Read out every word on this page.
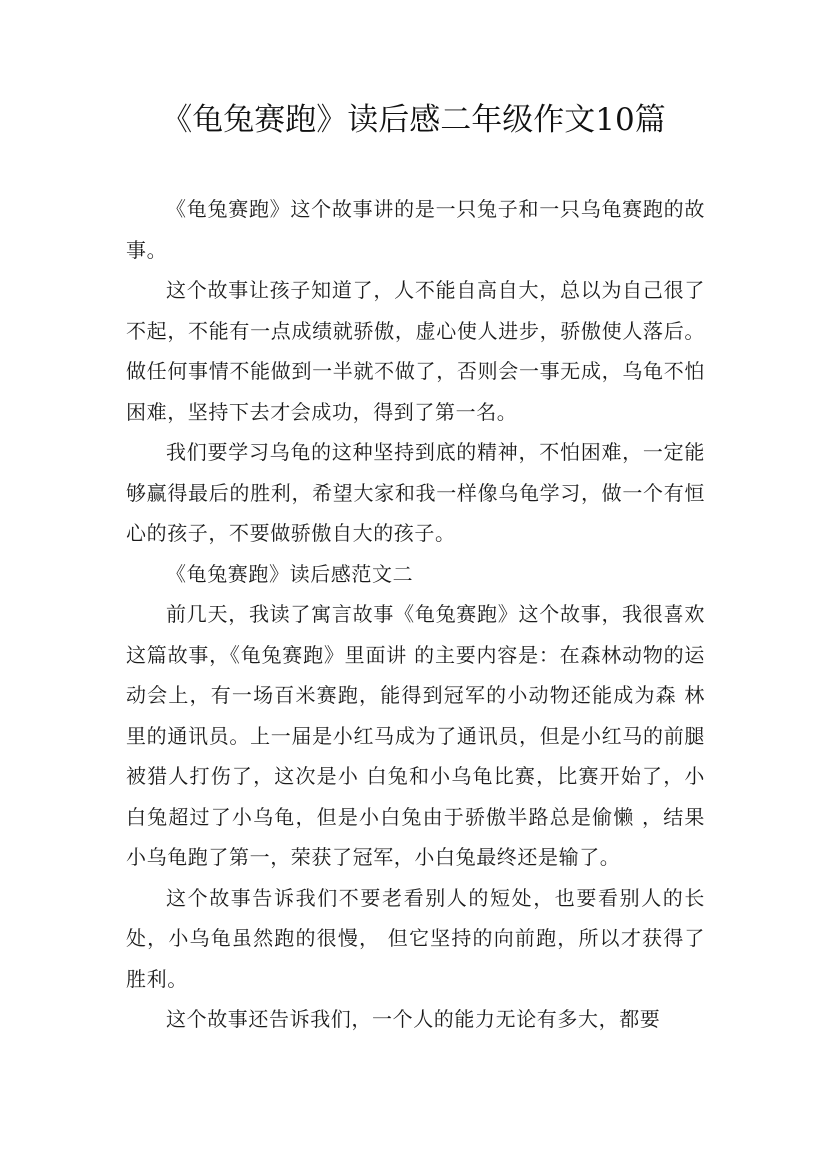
《龟兔赛跑》读后感二年级作文10篇

《龟兔赛跑》这个故事讲的是一只兔子和一只乌龟赛跑的故事。

这个故事让孩子知道了，人不能自高自大，总以为自己很了不起，不能有一点成绩就骄傲，虚心使人进步，骄傲使人落后。做任何事情不能做到一半就不做了，否则会一事无成，乌龟不怕困难，坚持下去才会成功，得到了第一名。

我们要学习乌龟的这种坚持到底的精神，不怕困难，一定能够赢得最后的胜利，希望大家和我一样像乌龟学习，做一个有恒心的孩子，不要做骄傲自大的孩子。

《龟兔赛跑》读后感范文二

前几天，我读了寓言故事《龟兔赛跑》这个故事，我很喜欢这篇故事，《龟兔赛跑》里面讲 的主要内容是：在森林动物的运动会上，有一场百米赛跑，能得到冠军的小动物还能成为森 林里的通讯员。上一届是小红马成为了通讯员，但是小红马的前腿被猎人打伤了，这次是小 白兔和小乌龟比赛，比赛开始了，小白兔超过了小乌龟，但是小白兔由于骄傲半路总是偷懒 ，结果小乌龟跑了第一，荣获了冠军，小白兔最终还是输了。

这个故事告诉我们不要老看别人的短处，也要看别人的长处，小乌龟虽然跑的很慢， 但它坚持的向前跑，所以才获得了胜利。

这个故事还告诉我们，一个人的能力无论有多大，都要
